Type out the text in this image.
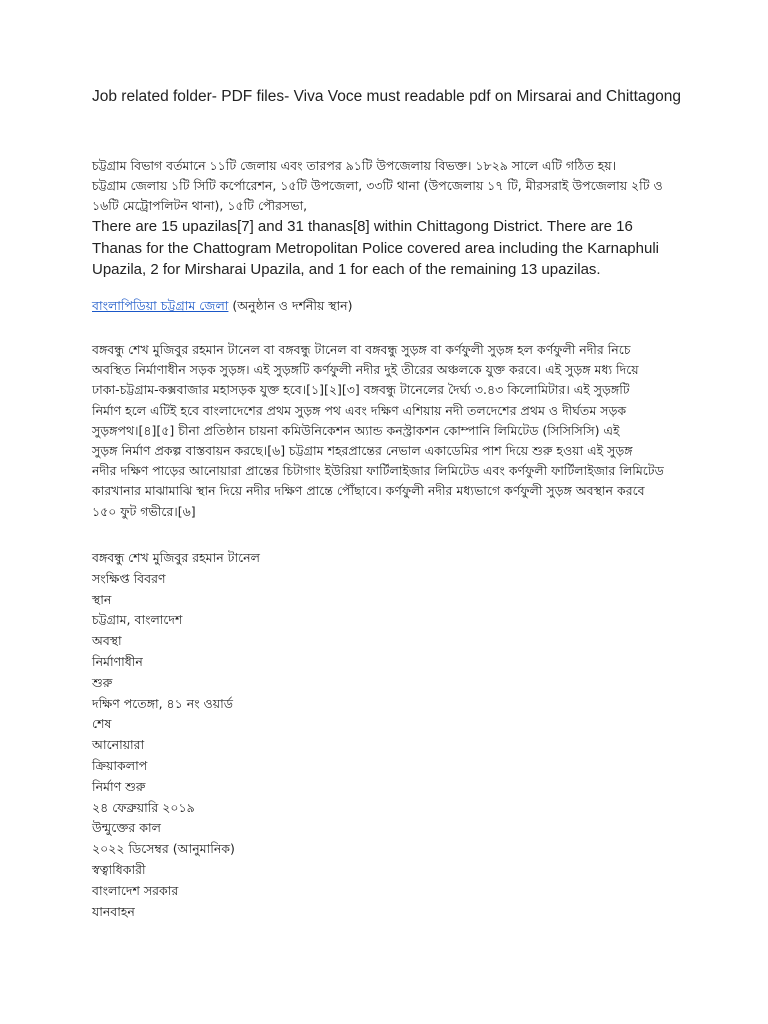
Job related folder- PDF files- Viva Voce must readable pdf on Mirsarai and Chittagong

চট্টগ্রাম বিভাগ বর্তমানে ১১টি জেলায় এবং তারপর ৯১টি উপজেলায় বিভক্ত। ১৮২৯ সালে এটি গঠিত হয়।

চট্টগ্রাম জেলায় ১টি সিটি কর্পোরেশন, ১৫টি উপজেলা, ৩৩টি থানা (উপজেলায় ১৭ টি, মীরসরাই উপজেলায় ২টি ও

১৬টি মেট্রোপলিটন থানা), ১৫টি পৌরসভা,

There are 15 upazilas[7] and 31 thanas[8] within Chittagong District. There are 16

Thanas for the Chattogram Metropolitan Police covered area including the Karnaphuli

Upazila, 2 for Mirsharai Upazila, and 1 for each of the remaining 13 upazilas.

বাংলাপিডিয়া চট্টগ্রাম জেলা (অনুষ্ঠান ও দর্শনীয় স্থান)

বঙ্গবন্ধু শেখ মুজিবুর রহমান টানেল বা বঙ্গবন্ধু টানেল বা বঙ্গবন্ধু সুড়ঙ্গ বা কর্ণফুলী সুড়ঙ্গ হল কর্ণফুলী নদীর নিচে

অবস্থিত নির্মাণাধীন সড়ক সুড়ঙ্গ। এই সুড়ঙ্গটি কর্ণফুলী নদীর দুই তীরের অঞ্চলকে যুক্ত করবে। এই সুড়ঙ্গ মধ্য দিয়ে

ঢাকা-চট্টগ্রাম-কক্সবাজার মহাসড়ক যুক্ত হবে।[১][২][৩] বঙ্গবন্ধু টানেলের দৈর্ঘ্য ৩.৪৩ কিলোমিটার। এই সুড়ঙ্গটি

নির্মাণ হলে এটিই হবে বাংলাদেশের প্রথম সুড়ঙ্গ পথ এবং দক্ষিণ এশিয়ায় নদী তলদেশের প্রথম ও দীর্ঘতম সড়ক

সুড়ঙ্গপথ।[৪][৫] চীনা প্রতিষ্ঠান চায়না কমিউনিকেশন অ্যান্ড কনস্ট্রাকশন কোম্পানি লিমিটেড (সিসিসিসি) এই

সুড়ঙ্গ নির্মাণ প্রকল্প বাস্তবায়ন করছে।[৬] চট্টগ্রাম শহরপ্রান্তের নেভাল একাডেমির পাশ দিয়ে শুরু হওয়া এই সুড়ঙ্গ

নদীর দক্ষিণ পাড়ের আনোয়ারা প্রান্তের চিটাগাং ইউরিয়া ফার্টিলাইজার লিমিটেড এবং কর্ণফুলী ফার্টিলাইজার লিমিটেড

কারখানার মাঝামাঝি স্থান দিয়ে নদীর দক্ষিণ প্রান্তে পৌঁছাবে। কর্ণফুলী নদীর মধ্যভাগে কর্ণফুলী সুড়ঙ্গ অবস্থান করবে

১৫০ ফুট গভীরে।[৬]

বঙ্গবন্ধু শেখ মুজিবুর রহমান টানেল
সংক্ষিপ্ত বিবরণ
স্থান
চট্টগ্রাম, বাংলাদেশ
অবস্থা
নির্মাণাধীন
শুরু
দক্ষিণ পতেঙ্গা, ৪১ নং ওয়ার্ড
শেষ
আনোয়ারা
ক্রিয়াকলাপ
নির্মাণ শুরু
২৪ ফেব্রুয়ারি ২০১৯
উন্মুক্তের কাল
২০২২ ডিসেম্বর (আনুমানিক)
স্বত্বাধিকারী
বাংলাদেশ সরকার
যানবাহন
